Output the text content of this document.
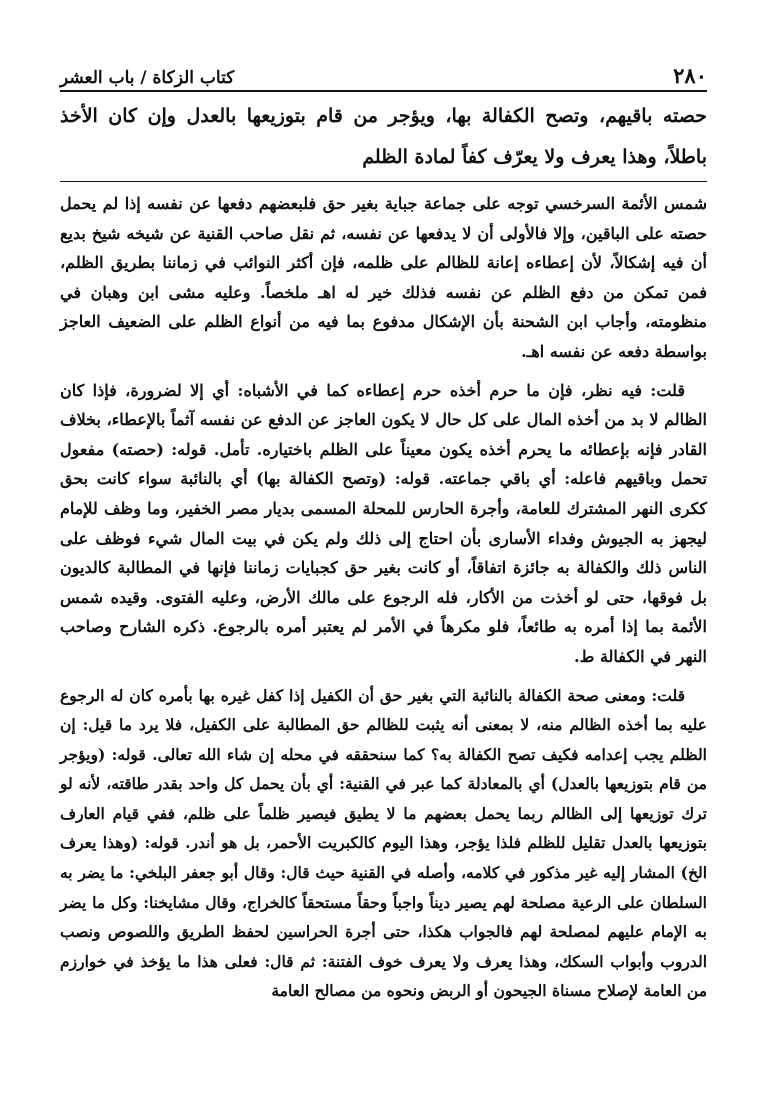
٢٨٠
كتاب الزكاة / باب العشر
حصته باقيهم، وتصح الكفالة بها، ويؤجر من قام بتوزيعها بالعدل وإن كان الأخذ باطلاً، وهذا يعرف ولا يعرّف كفاً لمادة الظلم

شمس الأئمة السرخسي توجه على جماعة جباية بغير حق فلبعضهم دفعها عن نفسه إذا لم يحمل حصته على الباقين، وإلا فالأولى أن لا يدفعها عن نفسه، ثم نقل صاحب القنية عن شيخه شيخ بديع أن فيه إشكالاً، لأن إعطاءه إعانة للظالم على ظلمه، فإن أكثر النوائب في زماننا بطريق الظلم، فمن تمكن من دفع الظلم عن نفسه فذلك خير له اهـ ملخصاً. وعليه مشى ابن وهبان في منظومته، وأجاب ابن الشحنة بأن الإشكال مدفوع بما فيه من أنواع الظلم على الضعيف العاجز بواسطة دفعه عن نفسه اهـ.

قلت: فيه نظر، فإن ما حرم أخذه حرم إعطاءه كما في الأشباه: أي إلا لضرورة، فإذا كان الظالم لا بد من أخذه المال على كل حال لا يكون العاجز عن الدفع عن نفسه آثماً بالإعطاء، بخلاف القادر فإنه بإعطائه ما يحرم أخذه يكون معيناً على الظلم باختياره. تأمل. قوله: (حصته) مفعول تحمل وباقيهم فاعله: أي باقي جماعته. قوله: (وتصح الكفالة بها) أي بالنائبة سواء كانت بحق ككرى النهر المشترك للعامة، وأجرة الحارس للمحلة المسمى بديار مصر الخفير، وما وظف للإمام ليجهز به الجيوش وفداء الأسارى بأن احتاج إلى ذلك ولم يكن في بيت المال شيء فوظف على الناس ذلك والكفالة به جائزة اتفاقاً، أو كانت بغير حق كجبايات زماننا فإنها في المطالبة كالديون بل فوقها، حتى لو أخذت من الأكار، فله الرجوع على مالك الأرض، وعليه الفتوى. وقيده شمس الأئمة بما إذا أمره به طائعاً، فلو مكرهاً في الأمر لم يعتبر أمره بالرجوع. ذكره الشارح وصاحب النهر في الكفالة ط.

قلت: ومعنى صحة الكفالة بالنائبة التي بغير حق أن الكفيل إذا كفل غيره بها بأمره كان له الرجوع عليه بما أخذه الظالم منه، لا بمعنى أنه يثبت للظالم حق المطالبة على الكفيل، فلا يرد ما قيل: إن الظلم يجب إعدامه فكيف تصح الكفالة به؟ كما سنحققه في محله إن شاء الله تعالى. قوله: (ويؤجر من قام بتوزيعها بالعدل) أي بالمعادلة كما عبر في القنية: أي بأن يحمل كل واحد بقدر طاقته، لأنه لو ترك توزيعها إلى الظالم ربما يحمل بعضهم ما لا يطيق فيصير ظلماً على ظلم، ففي قيام العارف بتوزيعها بالعدل تقليل للظلم فلذا يؤجر، وهذا اليوم كالكبريت الأحمر، بل هو أندر. قوله: (وهذا يعرف الخ) المشار إليه غير مذكور في كلامه، وأصله في القنية حيث قال: وقال أبو جعفر البلخي: ما يضر به السلطان على الرعية مصلحة لهم يصير ديناً واجباً وحقاً مستحقاً كالخراج، وقال مشايخنا: وكل ما يضر به الإمام عليهم لمصلحة لهم فالجواب هكذا، حتى أجرة الحراسين لحفظ الطريق واللصوص ونصب الدروب وأبواب السكك، وهذا يعرف ولا يعرف خوف الفتنة: ثم قال: فعلى هذا ما يؤخذ في خوارزم من العامة لإصلاح مسناة الجيحون أو الربض ونحوه من مصالح العامة
